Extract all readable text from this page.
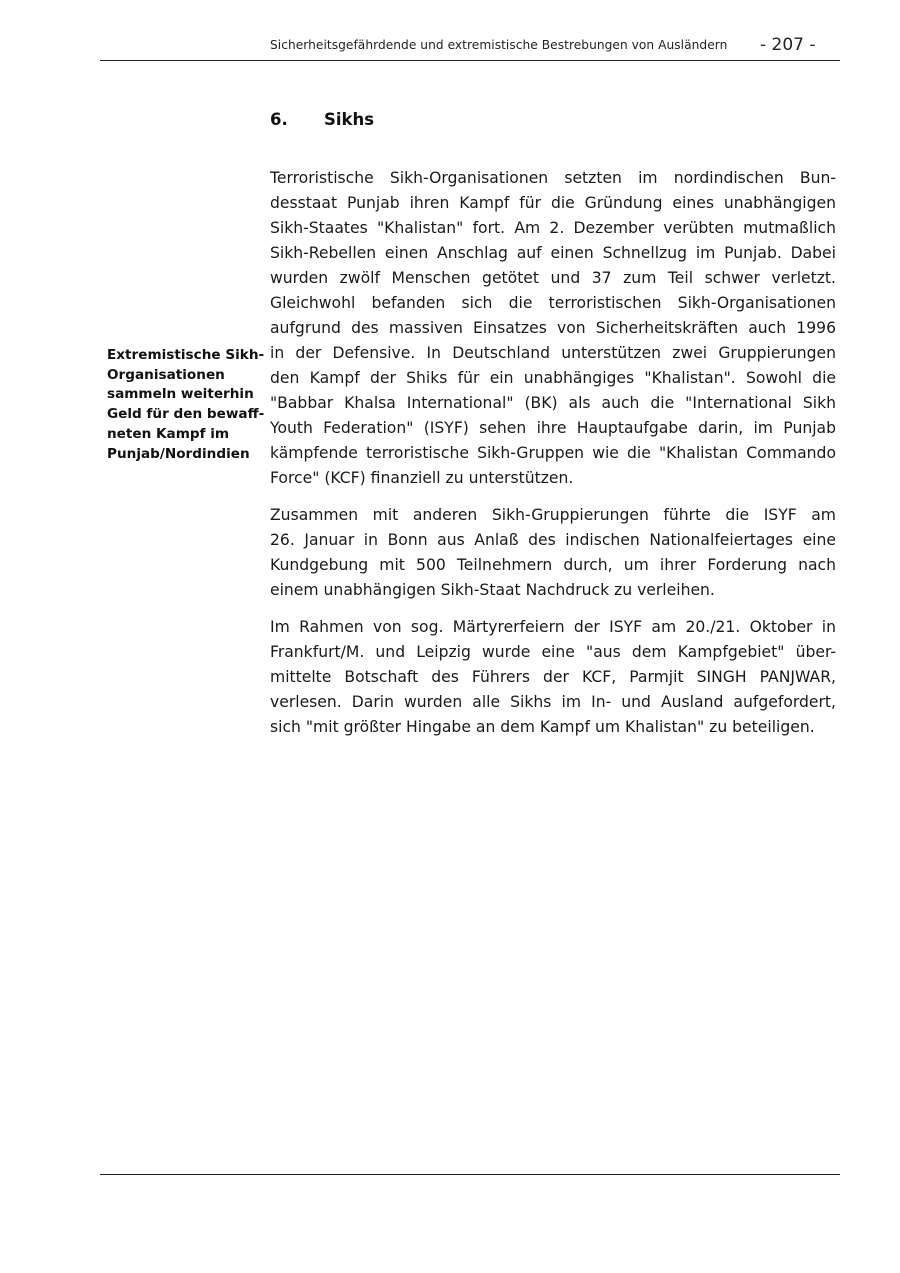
Sicherheitsgefährdende und extremistische Bestrebungen von Ausländern - 207 -
6. Sikhs
Extremistische Sikh-
Organisationen
sammeln weiterhin
Geld für den bewaff-
neten Kampf im
Punjab/Nordindien

Terroristische Sikh-Organisationen setzten im nordindischen Bun-
desstaat Punjab ihren Kampf für die Gründung eines unabhängigen
Sikh-Staates "Khalistan" fort. Am 2. Dezember verübten mutmaßlich
Sikh-Rebellen einen Anschlag auf einen Schnellzug im Punjab. Dabei
wurden zwölf Menschen getötet und 37 zum Teil schwer verletzt.
Gleichwohl befanden sich die terroristischen Sikh-Organisationen
aufgrund des massiven Einsatzes von Sicherheitskräften auch 1996
in der Defensive. In Deutschland unterstützen zwei Gruppierungen
den Kampf der Shiks für ein unabhängiges "Khalistan". Sowohl die
"Babbar Khalsa International" (BK) als auch die "International Sikh
Youth Federation" (ISYF) sehen ihre Hauptaufgabe darin, im Punjab
kämpfende terroristische Sikh-Gruppen wie die "Khalistan Commando
Force" (KCF) finanziell zu unterstützen.

Zusammen mit anderen Sikh-Gruppierungen führte die ISYF am
26. Januar in Bonn aus Anlaß des indischen Nationalfeiertages eine
Kundgebung mit 500 Teilnehmern durch, um ihrer Forderung nach
einem unabhängigen Sikh-Staat Nachdruck zu verleihen.

Im Rahmen von sog. Märtyrerfeiern der ISYF am 20./21. Oktober in
Frankfurt/M. und Leipzig wurde eine "aus dem Kampfgebiet" über-
mittelte Botschaft des Führers der KCF, Parmjit SINGH PANJWAR,
verlesen. Darin wurden alle Sikhs im In- und Ausland aufgefordert,
sich "mit größter Hingabe an dem Kampf um Khalistan" zu beteiligen.
